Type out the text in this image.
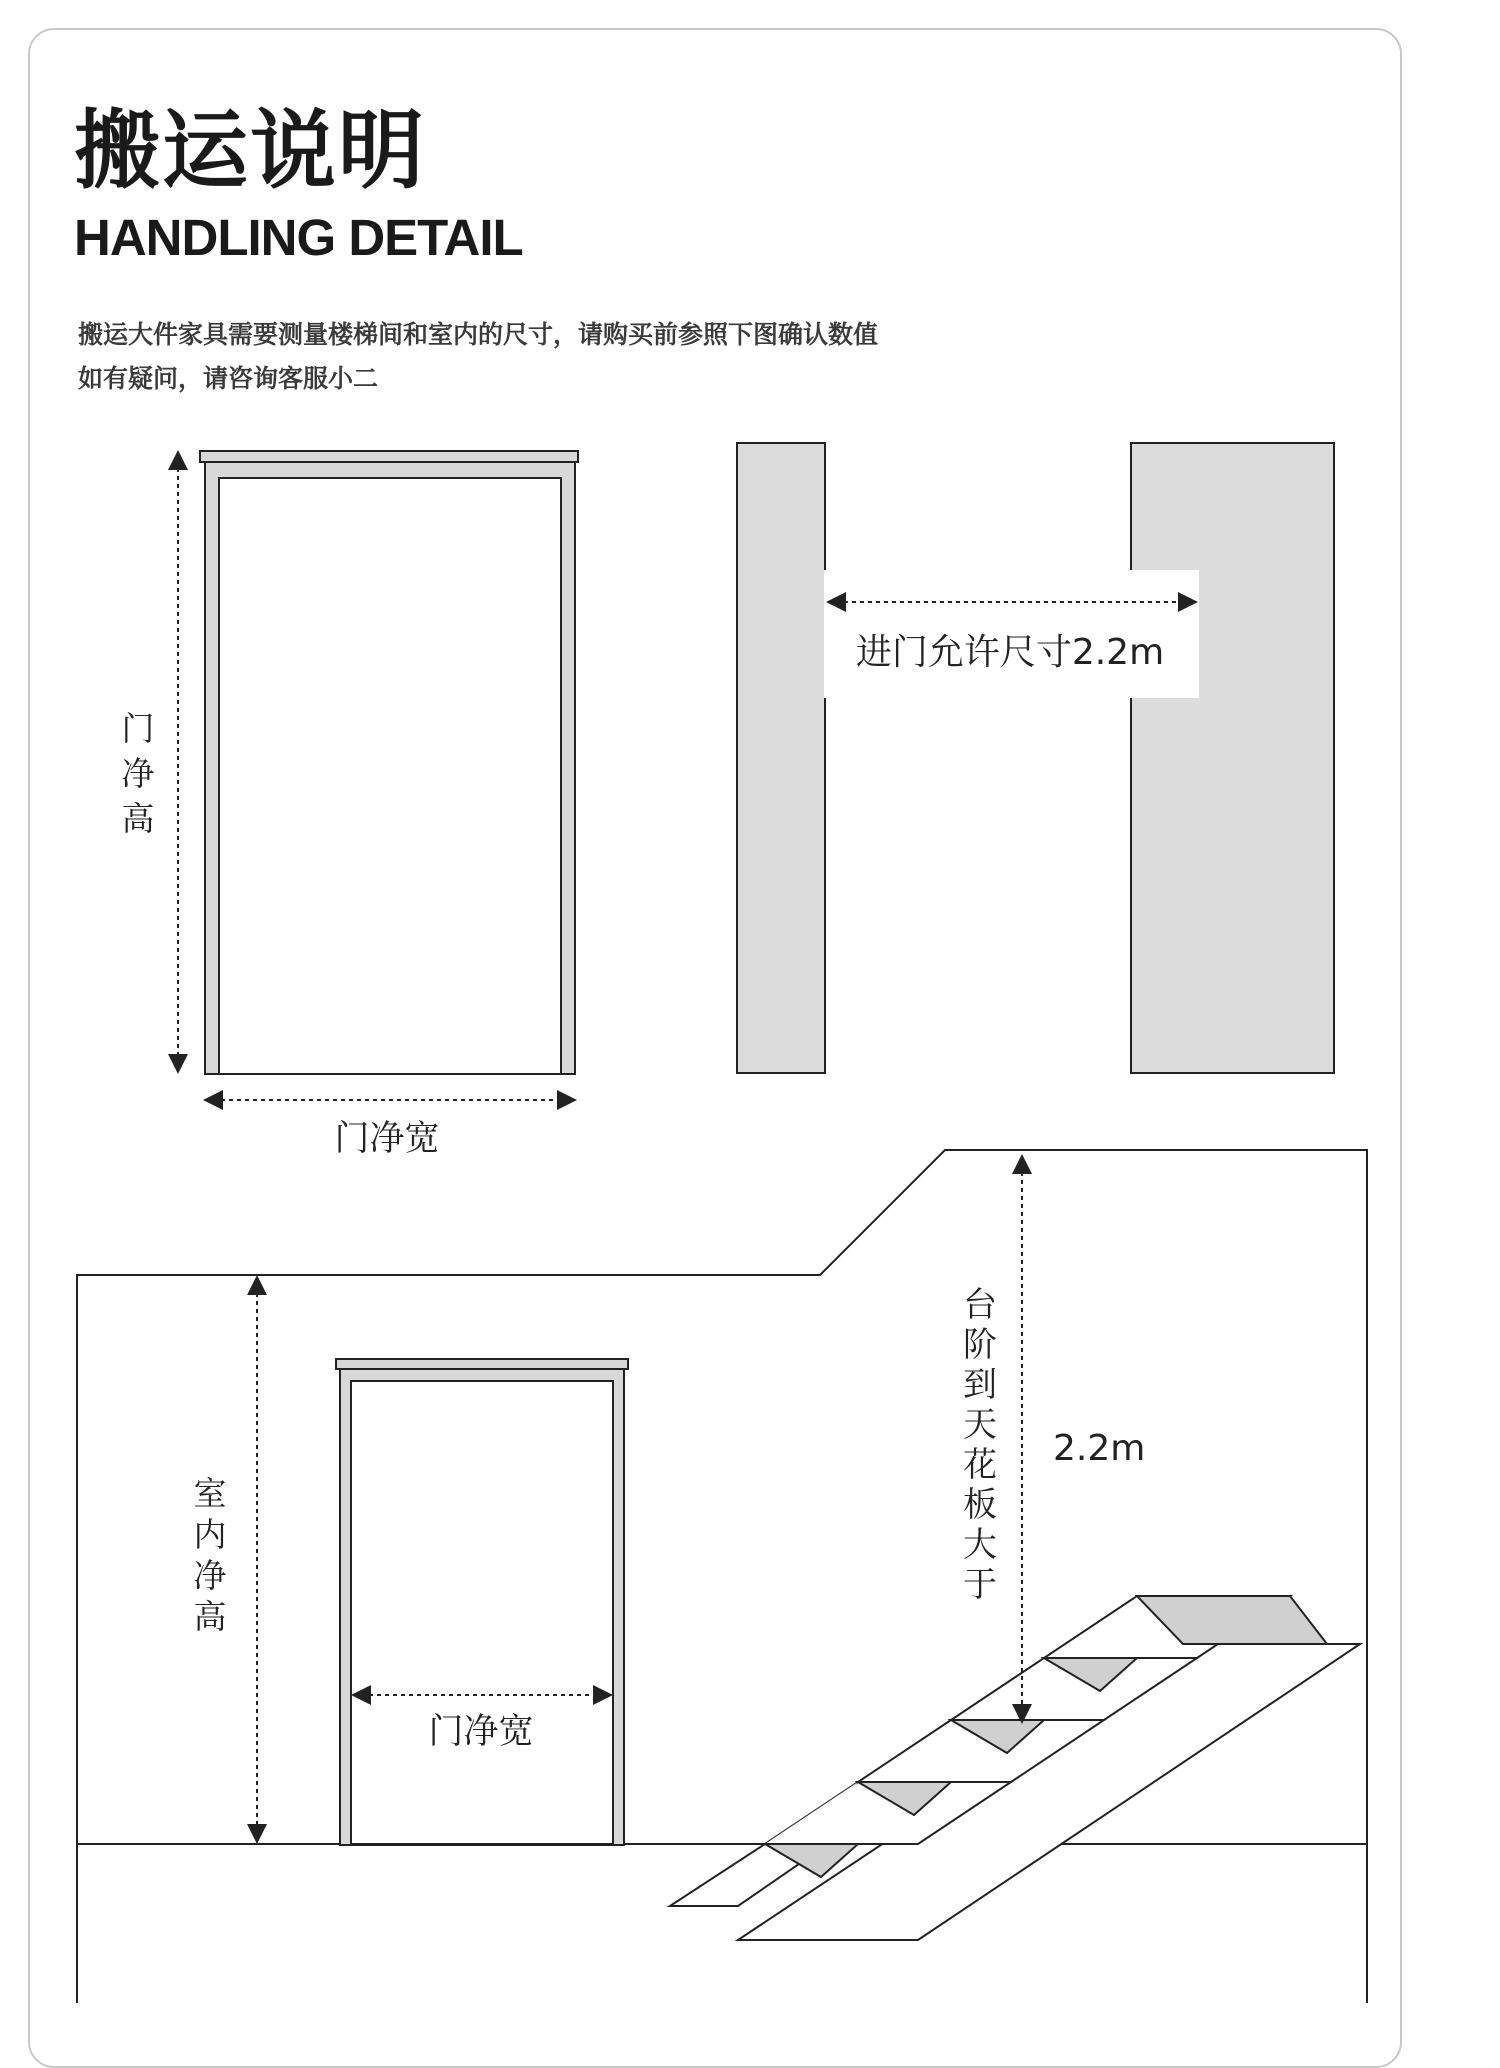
搬运说明
HANDLING DETAIL

搬运大件家具需要测量楼梯间和室内的尺寸，请购买前参照下图确认数值

如有疑问，请咨询客服小二

门
净
高
门净宽
进门允许尺寸2.2m
室
内
净
高
门净宽
台
阶
到
天
花
板
大
于
2.2m
